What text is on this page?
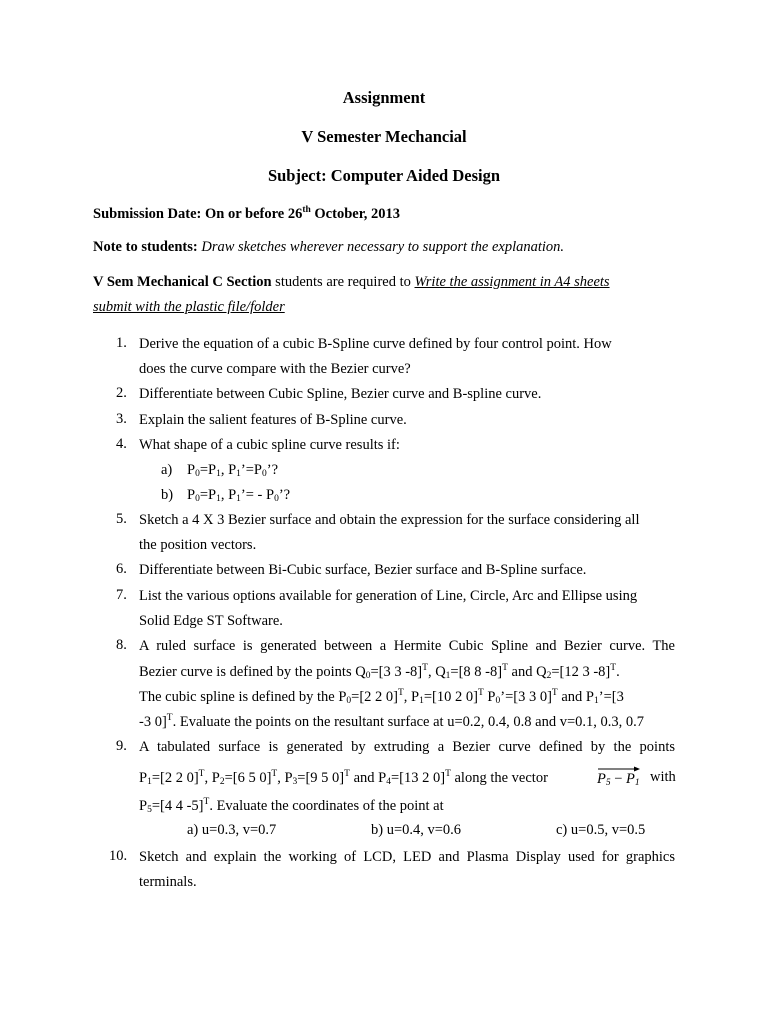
Assignment
V Semester Mechancial
Subject: Computer Aided Design
Submission Date: On or before 26th October, 2013
Note to students: Draw sketches wherever necessary to support the explanation.
V Sem Mechanical C Section students are required to Write the assignment in A4 sheets
submit with the plastic file/folder
1.
2.
3.
4.
5.
6.
7.
8.
9.
10.
Derive the equation of a cubic B-Spline curve defined by four control point. How
does the curve compare with the Bezier curve?
Differentiate between Cubic Spline, Bezier curve and B-spline curve.
Explain the salient features of B-Spline curve.
What shape of a cubic spline curve results if:
a) $P_0=P_1$, $P_1’=P_0$’?
b) $P_0=P_1$, $P_1’= - P_0$’?
Sketch a 4 X 3 Bezier surface and obtain the expression for the surface considering all
the position vectors.
Differentiate between Bi-Cubic surface, Bezier surface and B-Spline surface.
List the various options available for generation of Line, Circle, Arc and Ellipse using
Solid Edge ST Software.
A ruled surface is generated between a Hermite Cubic Spline and Bezier curve. The
Bezier curve is defined by the points $Q_0=[3$ 3 -8]$^T$, $Q_1=[8$ 8 -8]$^T$ and $Q_2=[12$ 3 -8]$^T$.
The cubic spline is defined by the $P_0=[2$ 2 0]$^T$, $P_1=[10$ 2 0]$^T$ $P_0’=[3$ 3 0]$^T$ and $P_1’=[3$
-3 0]$^T$. Evaluate the points on the resultant surface at u=0.2, 0.4, 0.8 and v=0.1, 0.3, 0.7
A tabulated surface is generated by extruding a Bezier curve defined by the points
$P_1=[2$ 2 0]$^T$, $P_2=[6$ 5 0]$^T$, $P_3=[9$ 5 0]$^T$ and $P_4=[13$ 2 0]$^T$ along the vector	$P_5 - P_1$ with
$P_5=[4$ 4 -5]$^T$. Evaluate the coordinates of the point at
a) u=0.3, v=0.7	b) u=0.4, v=0.6	c) u=0.5, v=0.5
Sketch and explain the working of LCD, LED and Plasma Display used for graphics
terminals.
